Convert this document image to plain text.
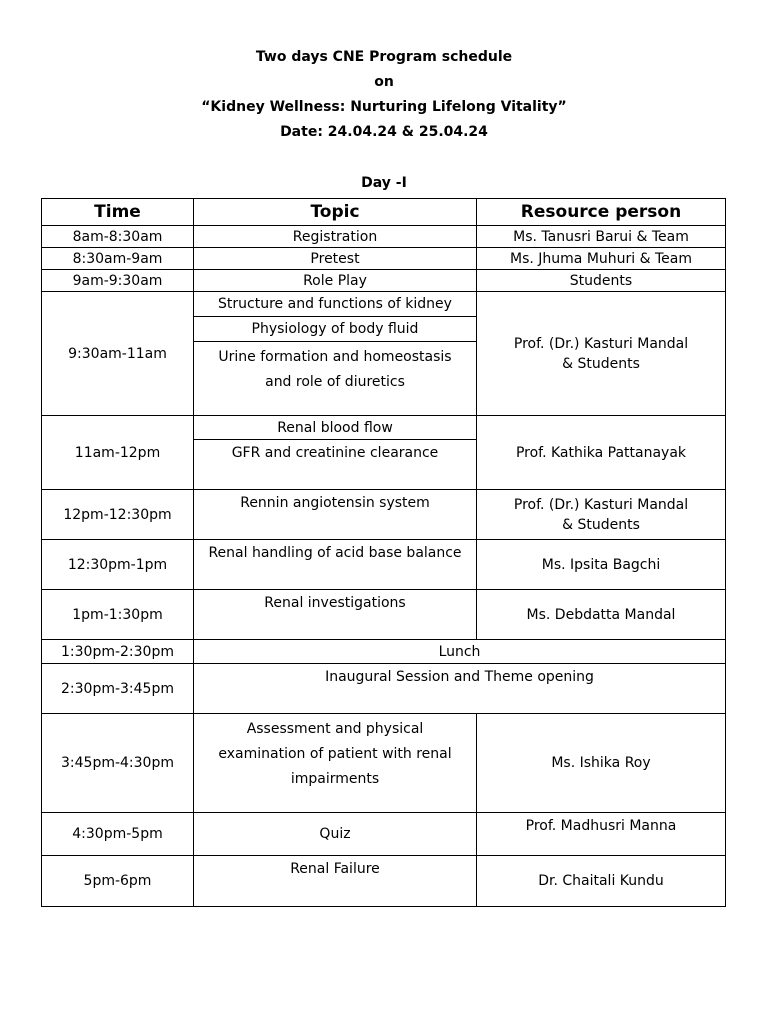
Two days CNE Program schedule
on
“Kidney Wellness: Nurturing Lifelong Vitality”
Date: 24.04.24 & 25.04.24
Day -I
Time	Topic	Resource person
8am-8:30am	Registration	Ms. Tanusri Barui & Team
8:30am-9am	Pretest	Ms. Jhuma Muhuri & Team
9am-9:30am	Role Play	Students
9:30am-11am	Structure and functions of kidney	Prof. (Dr.) Kasturi Mandal
& Students
	Physiology of body fluid	
	Urine formation and homeostasis
and role of diuretics	
11am-12pm	Renal blood flow	Prof. Kathika Pattanayak
	GFR and creatinine clearance	
12pm-12:30pm	Rennin angiotensin system	Prof. (Dr.) Kasturi Mandal
& Students
12:30pm-1pm	Renal handling of acid base balance	Ms. Ipsita Bagchi
1pm-1:30pm	Renal investigations	Ms. Debdatta Mandal
1:30pm-2:30pm	Lunch	
2:30pm-3:45pm	Inaugural Session and Theme opening	
3:45pm-4:30pm	Assessment and physical
examination of patient with renal
impairments	Ms. Ishika Roy
4:30pm-5pm	Quiz	Prof. Madhusri Manna
5pm-6pm	Renal Failure	Dr. Chaitali Kundu
